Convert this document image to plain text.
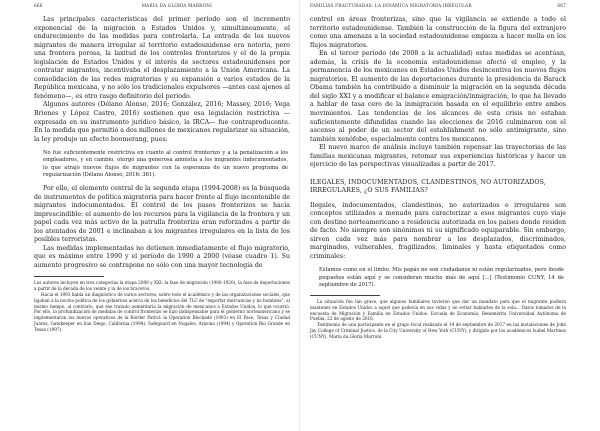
666	MARÍA DA GLORIA MARRONI

Las principales características del primer período son el incremento exponencial de la migración a Estados Unidos y, simultáneamente, el endurecimiento de las medidas para controlarla. La entrada de los nuevos migrantes de manera irregular al territorio estadounidense era notoria, pero una frontera porosa, la laxitud de los controles fronterizos y el de la propia legislación de Estados Unidos y el interés de sectores estadounidenses por contratar migrantes, incentivaba el desplazamiento a la Unión Americana. La consolidación de las redes migratorias y su expansión a varios estados de la República mexicana, y no sólo los tradicionales expulsores —antes casi ajenos al fenómeno—, es otro rasgo definitorio del periodo.

Algunos autores (Délano Alonso, 2016; González, 2016; Massey, 2016; Vega Briones y López Castro, 2016) sostienen que esa legislación restrictiva —expresada en su instrumento jurídico básico, la IRCA— fue contraproducente. En la medida que permitió a dos millones de mexicanos regularizar su situación, la ley produjo un efecto boomerang, pues:

No fue suficientemente restrictiva en cuanto al control fronterizo y a la penalización a los empleadores, y en cambio, otorgó una generosa amnistía a los migrantes indocumentados, lo que atrajo nuevos flujos de migrantes con la esperanza de un nuevo programa de regularización (Délano Alonso, 2016: 361).

Por ello, el elemento central de la segunda etapa (1994-2008) es la búsqueda de instrumentos de política migratoria para hacer frente al flujo incontenible de migrantes indocumentados. El control de los pasos fronterizos se hacía imprescindible: el aumento de los recursos para la vigilancia de la frontera y un papel cada vez más activo de la patrulla fronteriza eran reforzados a partir de los atentados de 2001 e inclinaban a los migrantes irregulares en la lista de los posibles terroristas.

Las medidas implementadas no detienen inmediatamente el flujo migratorio, que es máximo entre 1990 y el período de 1990 a 2000 (véase cuadro 1). Su aumento progresivo se contrapone no sólo con una mayor tecnología de

Los autores incluyen en tres categorías la etapa 2008 y XXI: la fase de migración (1900-1920), la fase de deportaciones a partir de la década de los veinte y la de los braceros.

Hacia el 1993 había un diagnóstico de varios sectores, sobre todo el académico y de las organizaciones sociales, que ligaban a la nociva política de los gobiernos acerca de los beneficios del TLC de "exportar mercancías y no hombres", al mismo tiempo, al contrario, que ese tratado aumentaría la migración de mexicanos a Estados Unidos, lo que ocurrió. Por ello, la profundización de medidas de control fronterizo se hizo indispensable para el gobierno norteamericano y se implementaron los nuevos operativos de la Border Patrol: la Operation Blockade (1993) en El Paso, Texas y Ciudad Juárez, Gatekeeper en San Diego, California (1994), Safeguard en Nogales, Arizona (1994) y Operation Rio Grande en Texas (1997).

FAMILIAS FRACTURADAS: LA DINÁMICA MIGRATORIA IRREGULAR	667

control en áreas fronterizas, sino que la vigilancia se extiende a todo el territorio estadounidense. También la construcción de la figura del extranjero como una amenaza a la sociedad estadounidense empieza a hacer mella en los flujos migratorios.

En el tercer período (de 2008 a la actualidad) estas medidas se acentúan, además, la crisis de la economía estadounidense afectó el empleo, y la permanencia de los mexicanos en Estados Unidos desincentiva los nuevos flujos migratorios. El aumento de las deportaciones durante la presidencia de Barack Obama también ha contribuido a disminuir la migración en la segunda década del siglo XXI y a modificar el balance emigración/inmigración, lo que ha llevado a hablar de tasa cero de la inmigración basada en el equilibrio entre ambos movimientos. Las tendencias de los alcances de esta crisis no estaban suficientemente difundidas cuando las elecciones de 2016 culminaron con el ascenso al poder de un sector del establishment no sólo antimigrante, sino también xenófobo, especialmente contra los mexicanos.

El nuevo marco de análisis incluye también repensar las trayectorias de las familias mexicanas migrantes, retomar sus experiencias históricas y hacer un ejercicio de las perspectivas visualizadas a partir de 2017.

ILEGALES, INDOCUMENTADOS, CLANDESTINOS, NO AUTORIZADOS, IRREGULARES, ¿O SUS FAMILIAS?

Ilegales, indocumentados, clandestinos, no autorizados e irregulares son conceptos utilizados a menudo para caracterizar a esos migrantes cuyo viaje con destino norteamericano a residencia autorizada en los países donde residen de facto. No siempre son sinónimos ni su significado equiparable. Sin embargo, sirven cada vez más para nombrar a los desplazados, discriminados, marginados, vulnerables, fragilizados, liminales y hasta etiquetados como criminales:

Estamos como en el limbo. Mis papás no son ciudadanos ni están regularizados, pero desde pequeños están aquí y se consideran mucho más de aquí [...] (Testimonio CUNY, 14 de septiembre de 2017).

La situación fue tan grave, que algunos familiares tuvieron que dar un mandato para que el migrante pudiera mantener en Estados Unidos a aquel que padecía en sus vidas y no evitar hablarles de la sola... Datos tomados de la encuesta de Migración y Familia en Estados Unidos. Escuela de Economía, Benemérita Universidad Autónoma de Puebla, 22 de agosto de 2016.

Testimonio de una participante en el grupo focal realizado el 14 de septiembre de 2017 en las instalaciones de John Jay College of Criminal Justice, de la City University of New York (CUNY), y dirigido por los académicos Isabel Martínez (CUNY), María da Gloria Marroni
